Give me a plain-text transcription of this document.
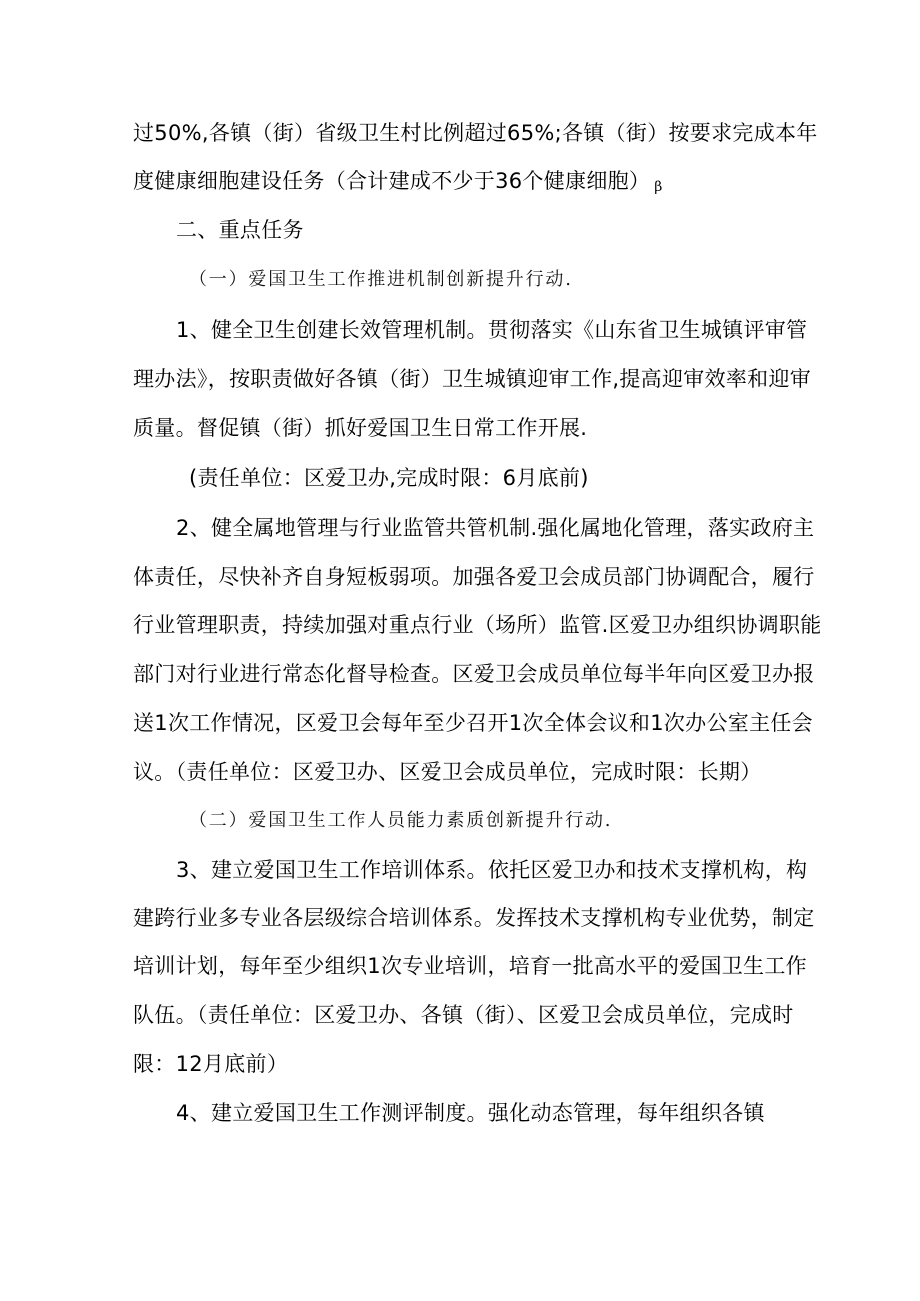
过50%,各镇（街）省级卫生村比例超过65%;各镇（街）按要求完成本年
度健康细胞建设任务（合计建成不少于36个健康细胞） β
二、重点任务
（一）爱国卫生工作推进机制创新提升行动.
1、健全卫生创建长效管理机制。贯彻落实《山东省卫生城镇评审管
理办法》，按职责做好各镇（街）卫生城镇迎审工作,提高迎审效率和迎审
质量。督促镇（街）抓好爱国卫生日常工作开展.
(责任单位：区爱卫办,完成时限：6月底前)
2、健全属地管理与行业监管共管机制.强化属地化管理，落实政府主
体责任，尽快补齐自身短板弱项。加强各爱卫会成员部门协调配合，履行
行业管理职责，持续加强对重点行业（场所）监管.区爱卫办组织协调职能
部门对行业进行常态化督导检查。区爱卫会成员单位每半年向区爱卫办报
送1次工作情况，区爱卫会每年至少召开1次全体会议和1次办公室主任会
议。（责任单位：区爱卫办、区爱卫会成员单位，完成时限：长期）
（二）爱国卫生工作人员能力素质创新提升行动.
3、建立爱国卫生工作培训体系。依托区爱卫办和技术支撑机构，构
建跨行业多专业各层级综合培训体系。发挥技术支撑机构专业优势，制定
培训计划，每年至少组织1次专业培训，培育一批高水平的爱国卫生工作
队伍。（责任单位：区爱卫办、各镇（街）、区爱卫会成员单位，完成时
限：12月底前）
4、建立爱国卫生工作测评制度。强化动态管理，每年组织各镇
